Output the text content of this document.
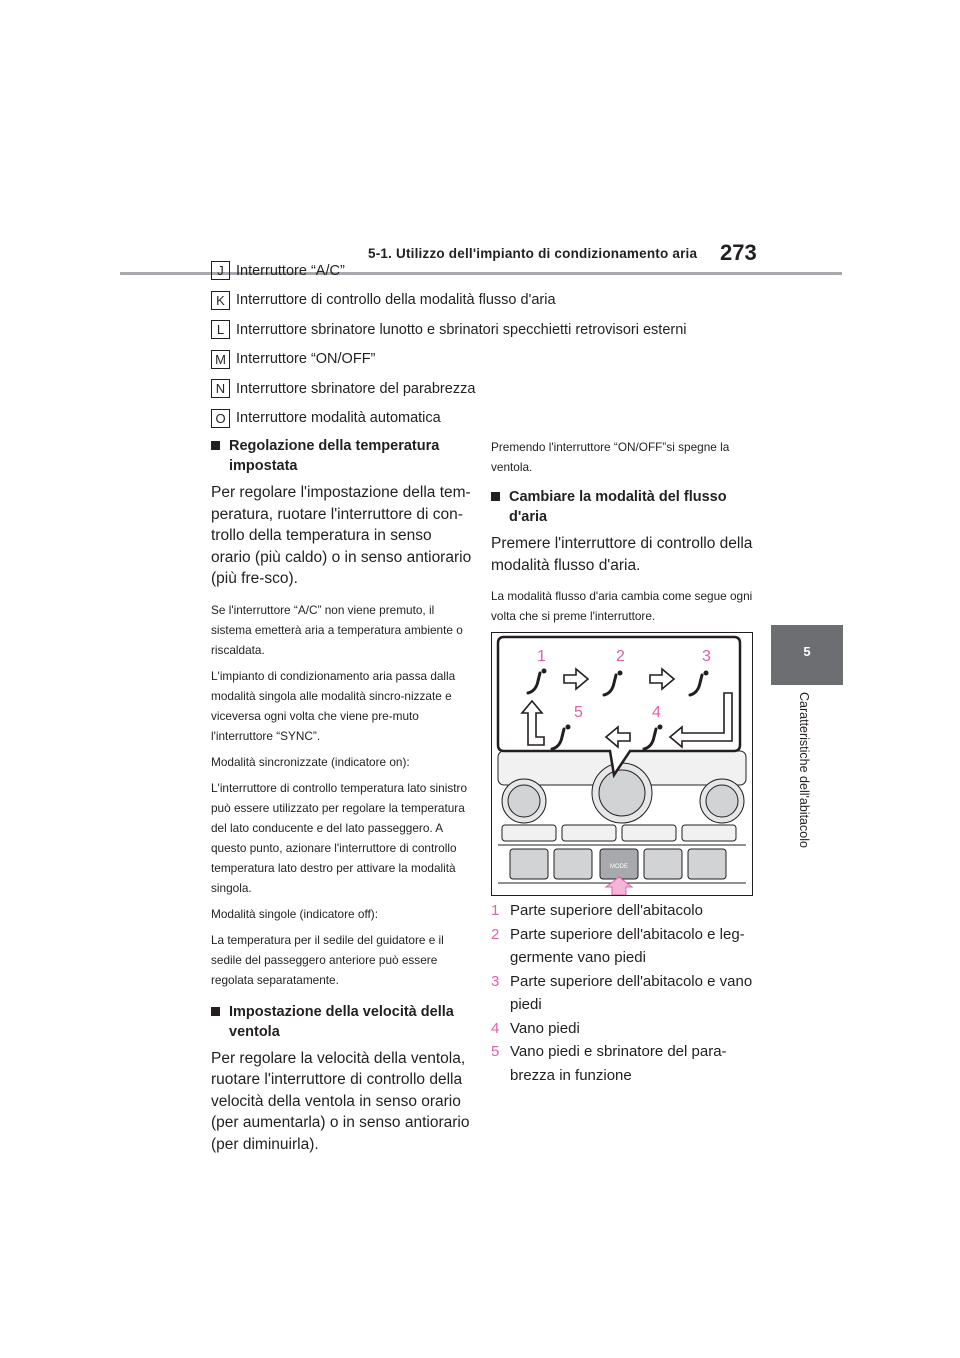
5-1. Utilizzo dell'impianto di condizionamento aria 273
5
Caratteristiche dell'abitacolo
J Interruttore “A/C”
K Interruttore di controllo della modalità flusso d'aria
L Interruttore sbrinatore lunotto e sbrinatori specchietti retrovisori esterni
M Interruttore “ON/OFF”
N Interruttore sbrinatore del parabrezza
O Interruttore modalità automatica
Regolazione della temperatura impostata

Per regolare l'impostazione della tem-peratura, ruotare l'interruttore di con-trollo della temperatura in senso orario (più caldo) o in senso antiorario (più fre-sco).

Se l'interruttore “A/C” non viene premuto, il sistema emetterà aria a temperatura ambiente o riscaldata.

L'impianto di condizionamento aria passa dalla modalità singola alle modalità sincro-nizzate e viceversa ogni volta che viene pre-muto l'interruttore “SYNC”.

Modalità sincronizzate (indicatore on):

L'interruttore di controllo temperatura lato sinistro può essere utilizzato per regolare la temperatura del lato conducente e del lato passeggero. A questo punto, azionare l'interruttore di controllo temperatura lato destro per attivare la modalità singola.

Modalità singole (indicatore off):

La temperatura per il sedile del guidatore e il sedile del passeggero anteriore può essere regolata separatamente.

Impostazione della velocità della ventola

Per regolare la velocità della ventola, ruotare l'interruttore di controllo della velocità della ventola in senso orario (per aumentarla) o in senso antiorario (per diminuirla).

Premendo l'interruttore “ON/OFF”si spegne la ventola.

Cambiare la modalità del flusso d'aria

Premere l'interruttore di controllo della modalità flusso d'aria.

La modalità flusso d'aria cambia come segue ogni volta che si preme l'interruttore.

MODE
1	2	3
4
5
1 Parte superiore dell'abitacolo
2 Parte superiore dell'abitacolo e leg-germente vano piedi
3 Parte superiore dell'abitacolo e vano piedi
4 Vano piedi
5 Vano piedi e sbrinatore del para-brezza in funzione
